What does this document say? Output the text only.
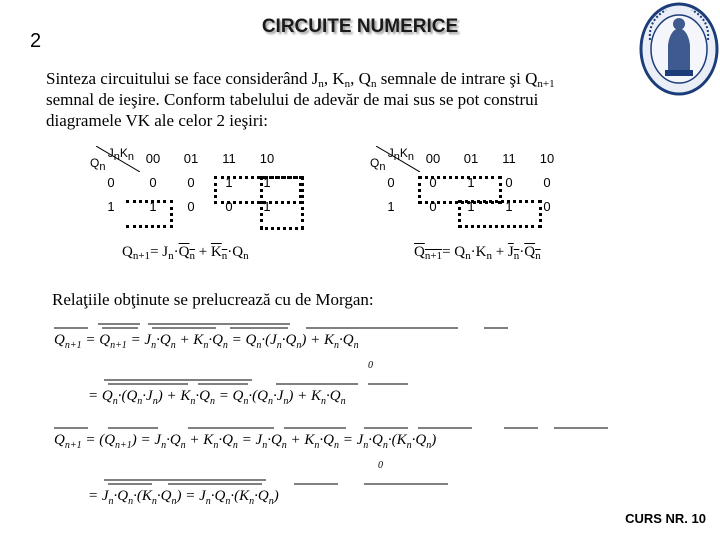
2
CIRCUITE NUMERICE
Sinteza circuitului se face considerând $J_n$, $K_n$, $Q_n$ semnale de intrare şi $Q_{n+1}$ semnal de ieşire. Conform tabelului de adevăr de mai sus se pot construi diagramele VK ale celor 2 ieşiri:
$J_nK_n$
$Q_n$	00	01	11	10
0	0	0	1	1
1	1	0	0	1
$J_nK_n$
$Q_n$	00	01	11	10
0	0	1	0	0
1	0	1	1	0
$Q_{n+1}= J_n\cdot Q_n + K_n\cdot Q_n$	$Q_{n+1}= Q_n\cdot K_n + J_n\cdot Q_n$
Relaţiile obţinute se prelucrează cu de Morgan:
$Q_{n+1} = Q_{n+1} = J_n\cdot Q_n + K_n\cdot Q_n = Q_n\cdot(J_n\cdot Q_n) + K_n\cdot Q_n$
0
= $Q_n\cdot(Q_n\cdot J_n) + K_n\cdot Q_n = Q_n\cdot(Q_n\cdot J_n) + K_n\cdot Q_n$
$Q_{n+1} = (Q_{n+1}) = J_n\cdot Q_n + K_n\cdot Q_n = J_n\cdot Q_n + K_n\cdot Q_n = J_n\cdot Q_n\cdot(K_n\cdot Q_n)$
0
= $J_n\cdot Q_n\cdot(K_n\cdot Q_n) = J_n\cdot Q_n\cdot(K_n\cdot Q_n)$
CURS NR. 10
